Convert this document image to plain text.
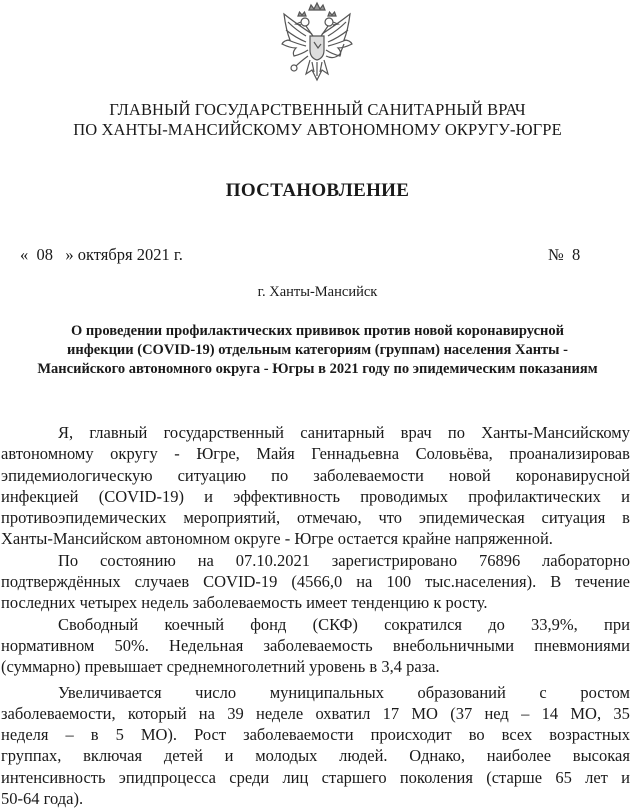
ГЛАВНЫЙ ГОСУДАРСТВЕННЫЙ САНИТАРНЫЙ ВРАЧ
ПО ХАНТЫ-МАНСИЙСКОМУ АВТОНОМНОМУ ОКРУГУ-ЮГРЕ
ПОСТАНОВЛЕНИЕ
«  08   » октября 2021 г.	№  8
г. Ханты-Мансийск
О проведении профилактических прививок против новой коронавирусной
инфекции (COVID-19) отдельным категориям (группам) населения Ханты -
Мансийского автономного округа - Югры в 2021 году по эпидемическим показаниям

Я, главный государственный санитарный врач по Ханты-Мансийскому
автономному округу - Югре, Майя Геннадьевна Соловьёва, проанализировав
эпидемиологическую ситуацию по заболеваемости новой коронавирусной
инфекцией (COVID-19) и эффективность проводимых профилактических и
противоэпидемических мероприятий, отмечаю, что эпидемическая ситуация в
Ханты-Мансийском автономном округе - Югре остается крайне напряженной.

По состоянию на 07.10.2021 зарегистрировано 76896 лабораторно
подтверждённых случаев COVID-19 (4566,0 на 100 тыс.населения). В течение
последних четырех недель заболеваемость имеет тенденцию к росту.

Свободный коечный фонд (СКФ) сократился до 33,9%, при
нормативном 50%. Недельная заболеваемость внебольничными пневмониями
(суммарно) превышает среднемноголетний уровень в 3,4 раза.

Увеличивается число муниципальных образований с ростом
заболеваемости, который на 39 неделе охватил 17 МО (37 нед – 14 МО, 35
неделя – в 5 МО). Рост заболеваемости происходит во всех возрастных
группах, включая детей и молодых людей. Однако, наиболее высокая
интенсивность эпидпроцесса среди лиц старшего поколения (старше 65 лет и
50-64 года).
